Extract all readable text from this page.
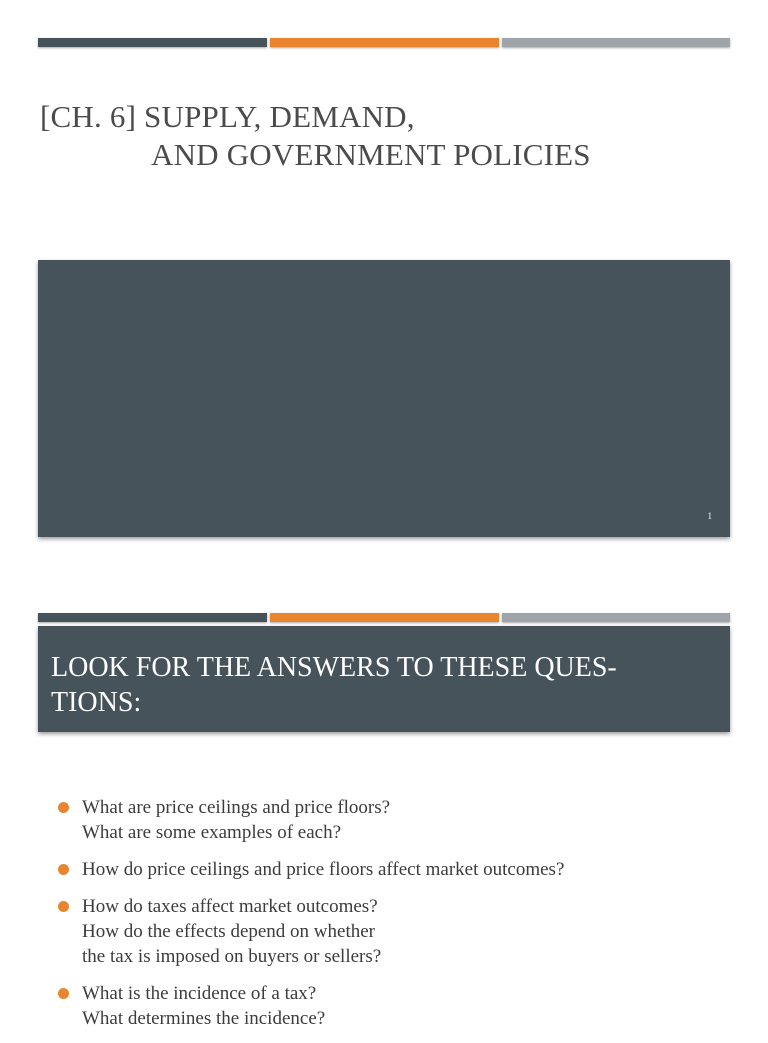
[CH. 6] SUPPLY, DEMAND,
AND GOVERNMENT POLICIES
1
LOOK FOR THE ANSWERS TO THESE QUES-
TIONS:
What are price ceilings and price floors?
What are some examples of each?
How do price ceilings and price floors affect market outcomes?
How do taxes affect market outcomes?
How do the effects depend on whether
the tax is imposed on buyers or sellers?
What is the incidence of a tax?
What determines the incidence?
